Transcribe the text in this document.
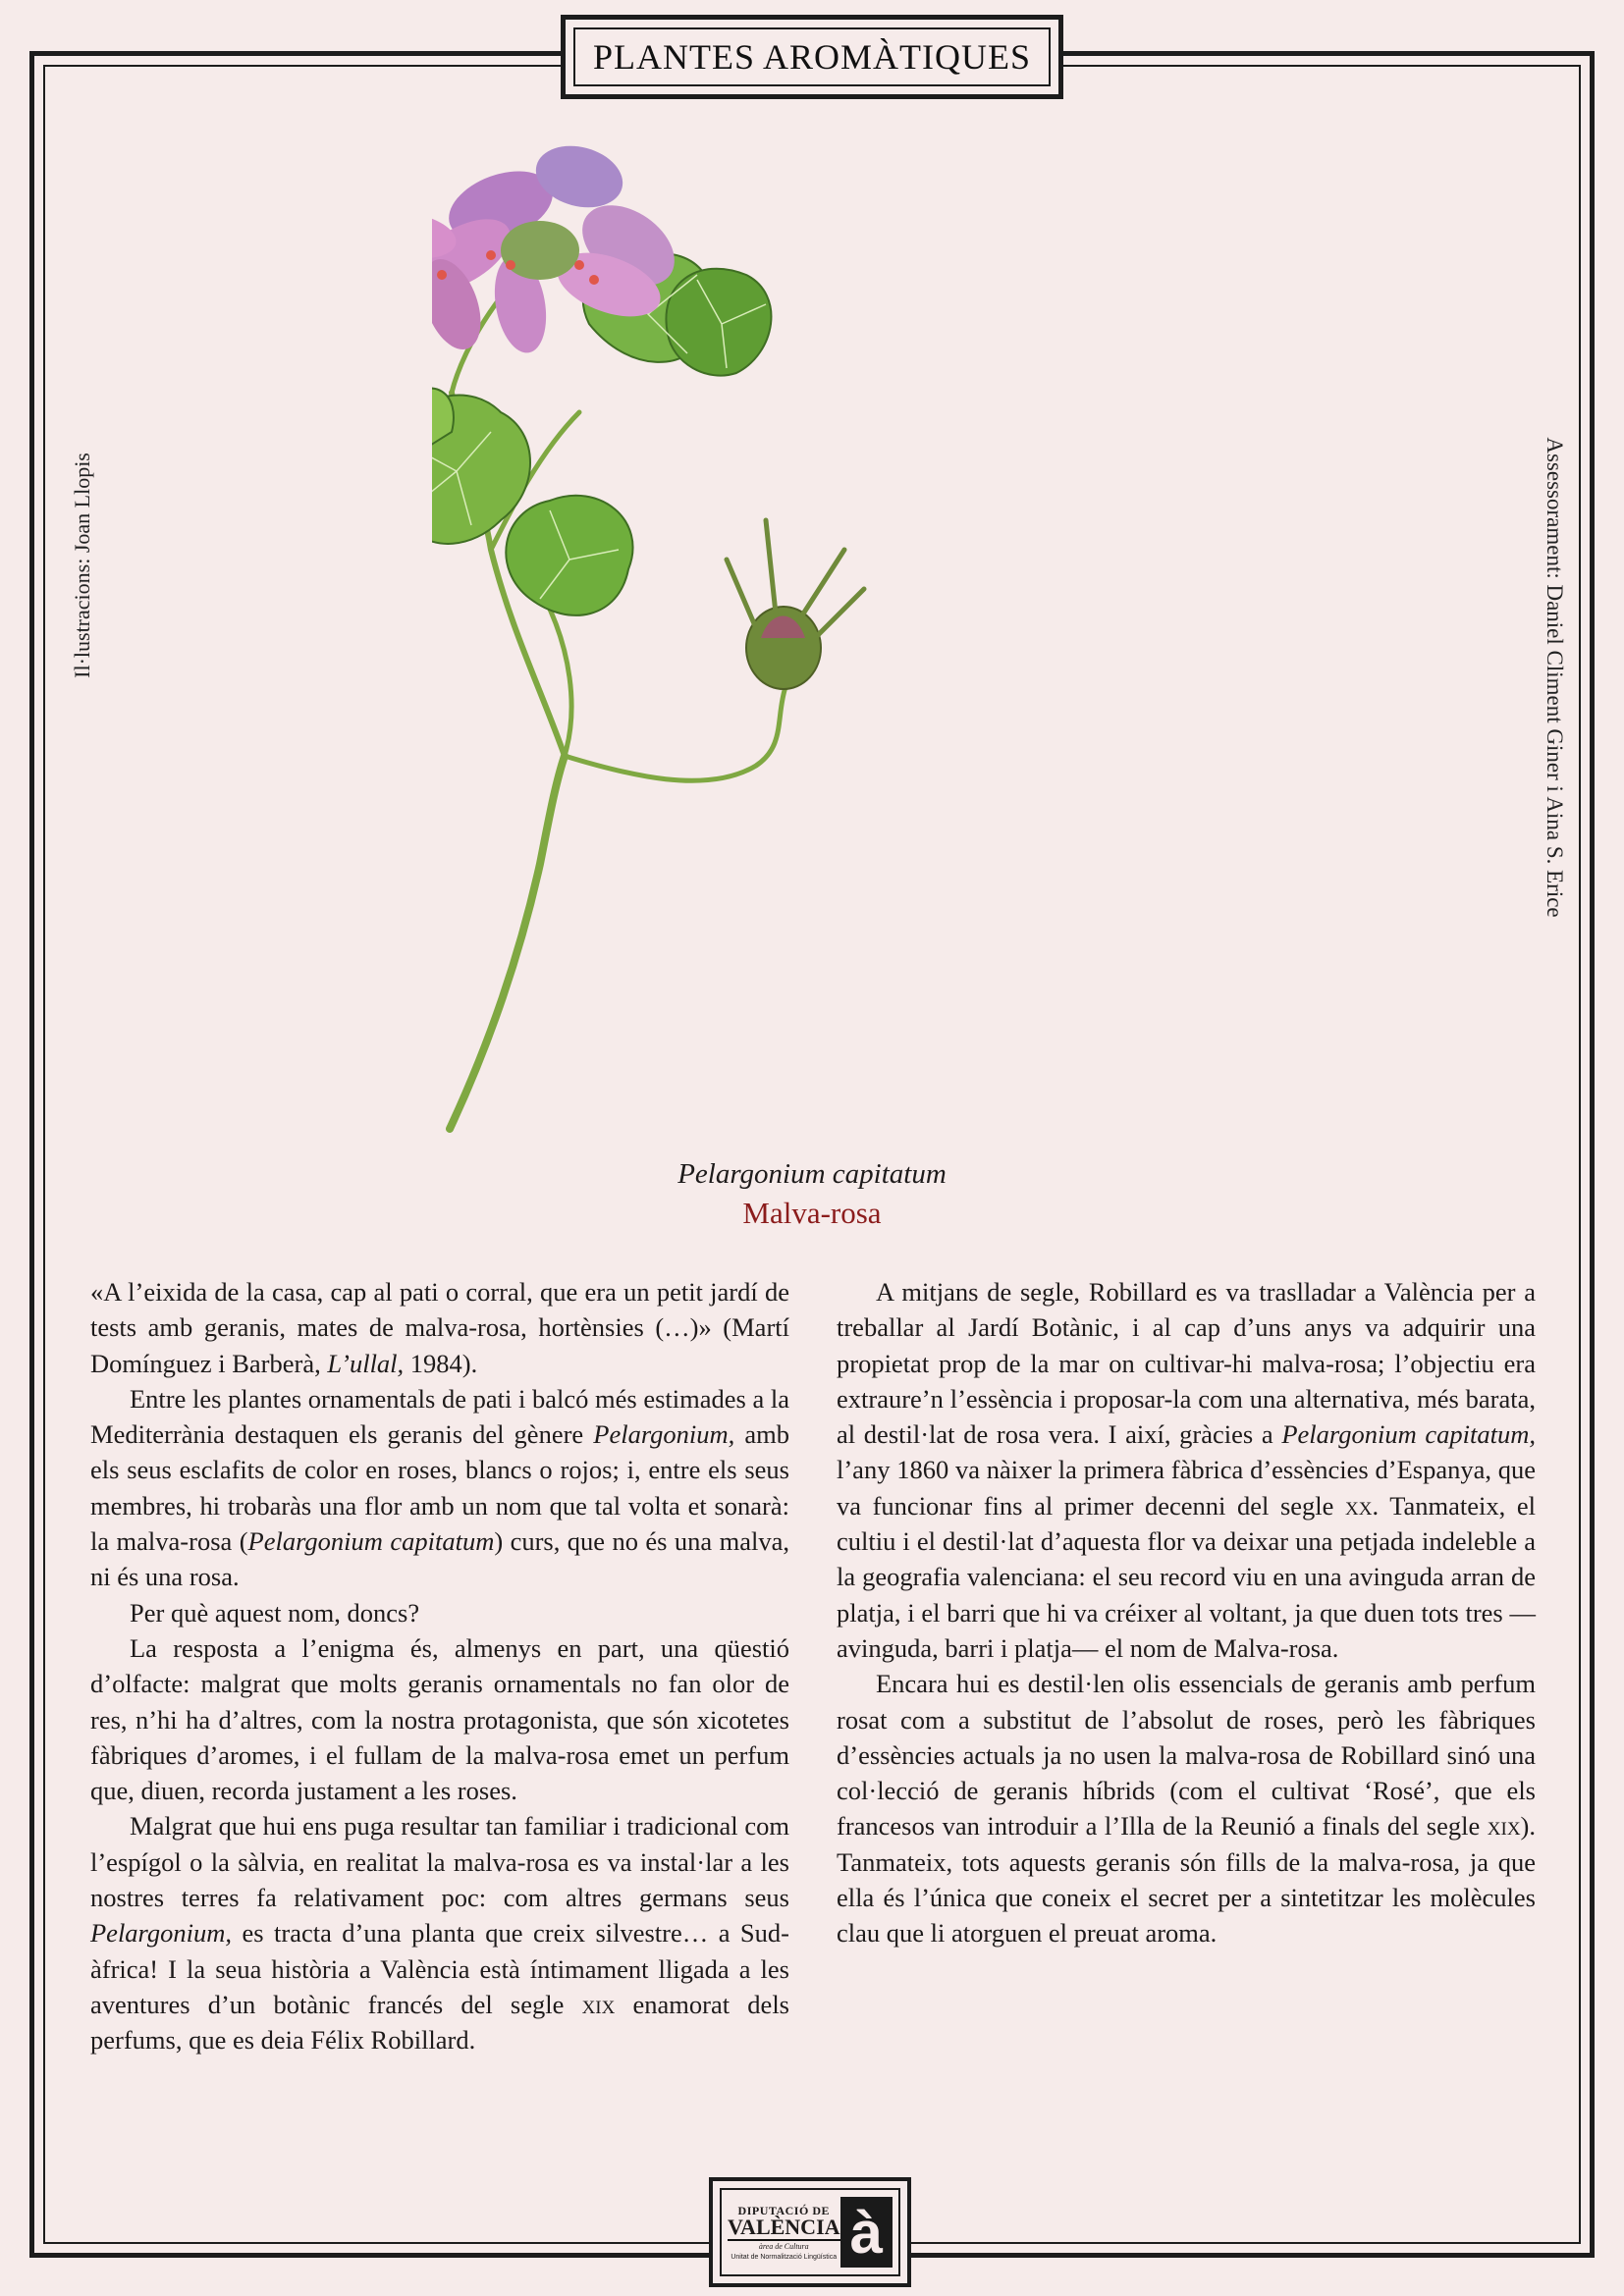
PLANTES AROMÀTIQUES
Il·lustracions: Joan Llopis	Assessorament: Daniel Climent Giner i Aina S. Erice
Pelargonium capitatum
Malva-rosa

«A l’eixida de la casa, cap al pati o corral, que era un petit jardí de tests amb geranis, mates de malva-rosa, hortènsies (…)» (Martí Domínguez i Barberà, L’ullal, 1984).

Entre les plantes ornamentals de pati i balcó més estimades a la Mediterrània destaquen els geranis del gènere Pelargonium, amb els seus esclafits de color en roses, blancs o rojos; i, entre els seus membres, hi trobaràs una flor amb un nom que tal volta et sonarà: la malva-rosa (Pelargonium capitatum) curs, que no és una malva, ni és una rosa.

Per què aquest nom, doncs?

La resposta a l’enigma és, almenys en part, una qüestió d’olfacte: malgrat que molts geranis ornamentals no fan olor de res, n’hi ha d’altres, com la nostra protagonista, que són xicotetes fàbriques d’aromes, i el fullam de la malva-rosa emet un perfum que, diuen, recorda justament a les roses.

Malgrat que hui ens puga resultar tan familiar i tradicional com l’espígol o la sàlvia, en realitat la malva-rosa es va instal·lar a les nostres terres fa relativament poc: com altres germans seus Pelargonium, es tracta d’una planta que creix silvestre… a Sud-àfrica! I la seua història a València està íntimament lligada a les aventures d’un botànic francés del segle xix enamorat dels perfums, que es deia Félix Robillard.

A mitjans de segle, Robillard es va traslladar a València per a treballar al Jardí Botànic, i al cap d’uns anys va adquirir una propietat prop de la mar on cultivar-hi malva-rosa; l’objectiu era extraure’n l’essència i proposar-la com una alternativa, més barata, al destil·lat de rosa vera. I així, gràcies a Pelargonium capitatum, l’any 1860 va nàixer la primera fàbrica d’essències d’Espanya, que va funcionar fins al primer decenni del segle xx. Tanmateix, el cultiu i el destil·lat d’aquesta flor va deixar una petjada indeleble a la geografia valenciana: el seu record viu en una avinguda arran de platja, i el barri que hi va créixer al voltant, ja que duen tots tres —avinguda, barri i platja— el nom de Malva-rosa.

Encara hui es destil·len olis essencials de geranis amb perfum rosat com a substitut de l’absolut de roses, però les fàbriques d’essències actuals ja no usen la malva-rosa de Robillard sinó una col·lecció de geranis híbrids (com el cultivat ‘Rosé’, que els francesos van introduir a l’Illa de la Reunió a finals del segle xix). Tanmateix, tots aquests geranis són fills de la malva-rosa, ja que ella és l’única que coneix el secret per a sintetitzar les molècules clau que li atorguen el preuat aroma.

DIPUTACIÓ DE
VALÈNCIA
àrea de Cultura
Unitat de Normalització Lingüística à
